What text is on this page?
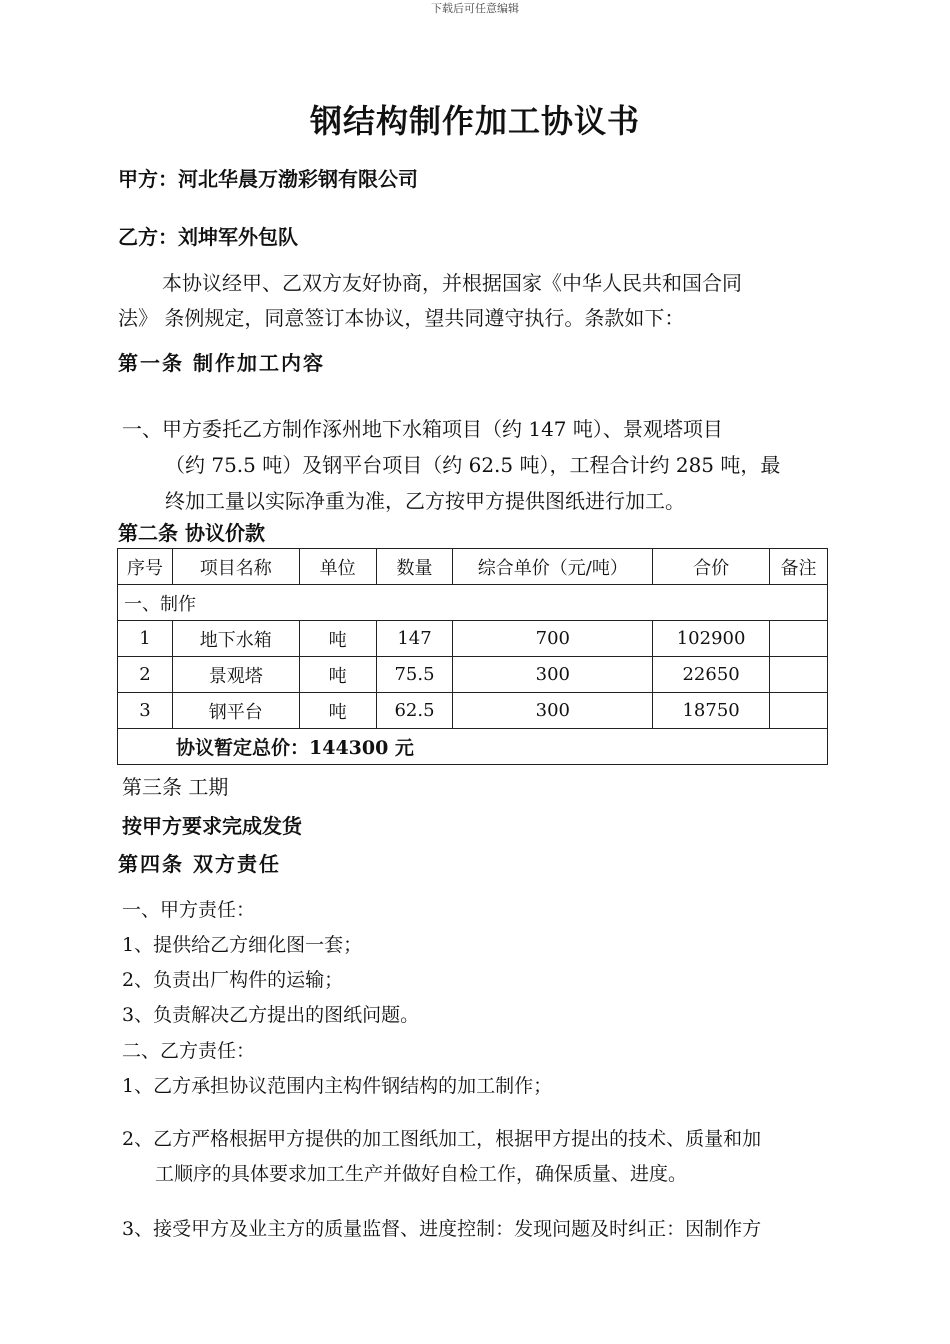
下载后可任意编辑
钢结构制作加工协议书
甲方：河北华晨万渤彩钢有限公司
乙方：刘坤军外包队
本协议经甲、乙双方友好协商，并根据国家《中华人民共和国合同
法》 条例规定，同意签订本协议，望共同遵守执行。条款如下：
第一条 制作加工内容
一、甲方委托乙方制作涿州地下水箱项目（约 147 吨）、景观塔项目
（约 75.5 吨）及钢平台项目（约 62.5 吨），工程合计约 285 吨，最
终加工量以实际净重为准，乙方按甲方提供图纸进行加工。
第二条 协议价款
序号	项目名称	单位	数量	综合单价（元/吨）	合价	备注
一、制作						
1	地下水箱	吨	147	700	102900	
2	景观塔	吨	75.5	300	22650	
3	钢平台	吨	62.5	300	18750	
协议暂定总价：144300 元						
第三条 工期
按甲方要求完成发货
第四条 双方责任
一、甲方责任：
1、提供给乙方细化图一套；
2、负责出厂构件的运输；
3、负责解决乙方提出的图纸问题。
二、乙方责任：
1、乙方承担协议范围内主构件钢结构的加工制作；
2、乙方严格根据甲方提供的加工图纸加工，根据甲方提出的技术、质量和加
工顺序的具体要求加工生产并做好自检工作，确保质量、进度。
3、接受甲方及业主方的质量监督、进度控制：发现问题及时纠正：因制作方
